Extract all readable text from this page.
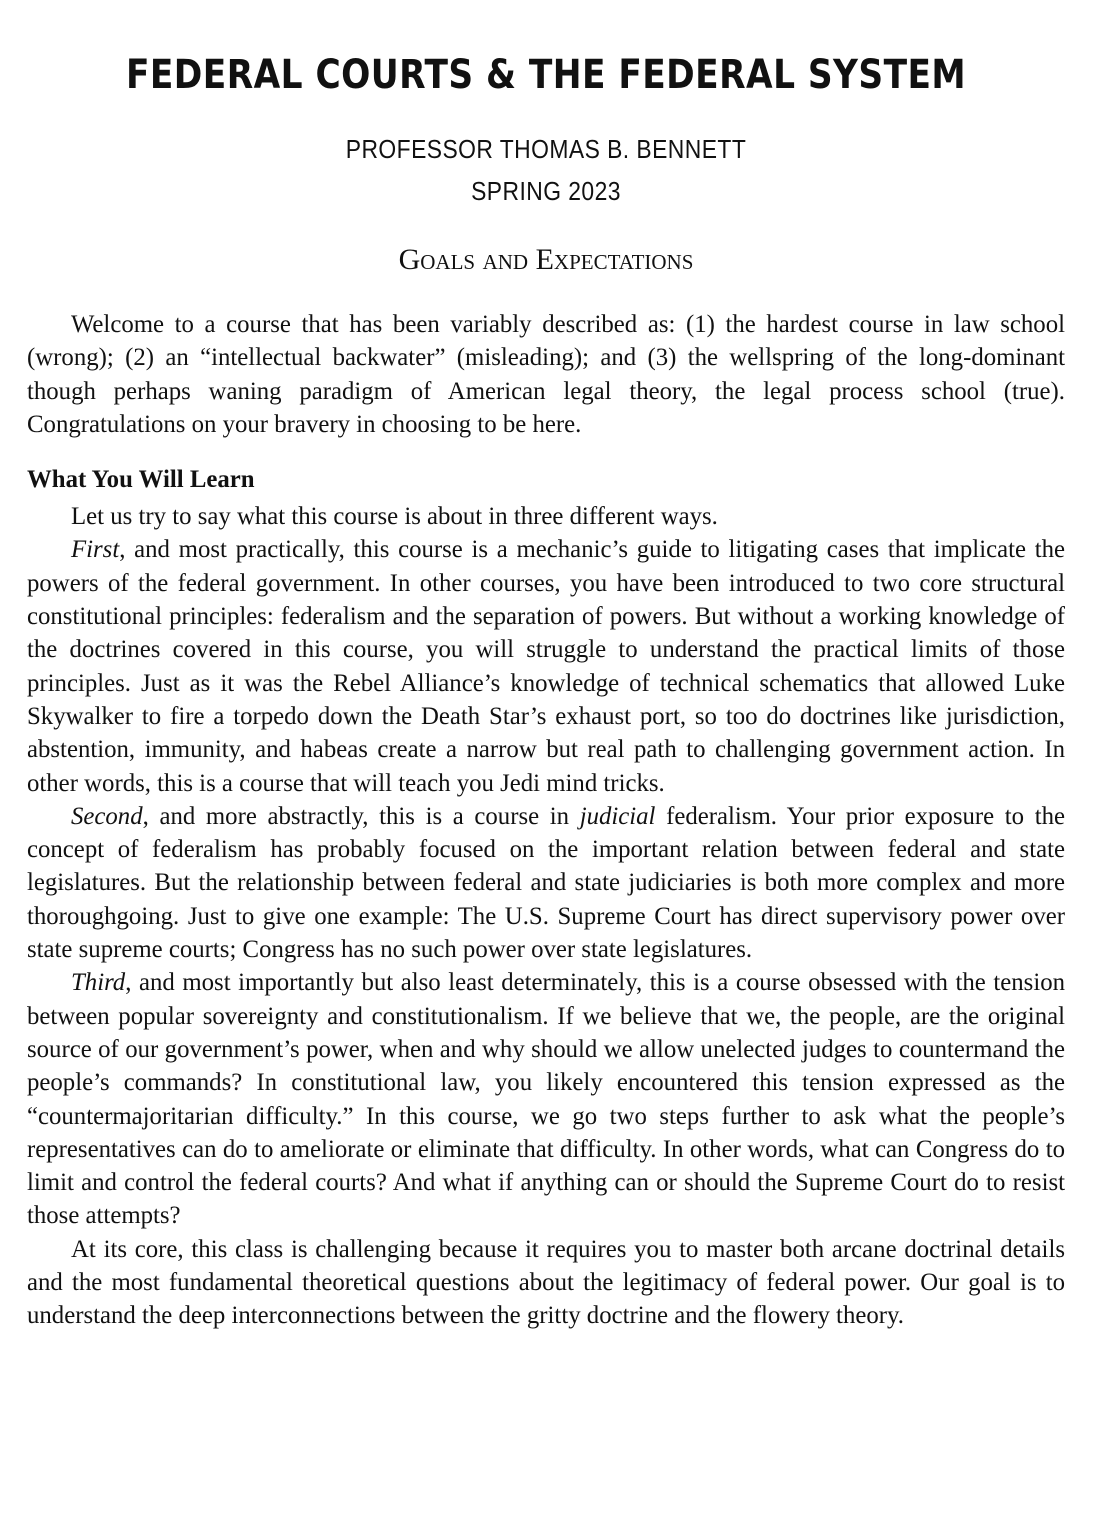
FEDERAL COURTS & THE FEDERAL SYSTEM
PROFESSOR THOMAS B. BENNETT
SPRING 2023
Goals and Expectations

Welcome to a course that has been variably described as: (1) the hardest course in law school (wrong); (2) an “intellectual backwater” (misleading); and (3) the wellspring of the long-dominant though perhaps waning paradigm of American legal theory, the legal process school (true). Congratulations on your bravery in choosing to be here.

What You Will Learn

Let us try to say what this course is about in three different ways.

First, and most practically, this course is a mechanic’s guide to litigating cases that implicate the powers of the federal government. In other courses, you have been introduced to two core structural constitutional principles: federalism and the separation of powers. But without a working knowledge of the doctrines covered in this course, you will struggle to understand the practical limits of those principles. Just as it was the Rebel Alliance’s knowledge of technical schematics that allowed Luke Skywalker to fire a torpedo down the Death Star’s exhaust port, so too do doctrines like jurisdiction, abstention, immunity, and habeas create a narrow but real path to challenging government action. In other words, this is a course that will teach you Jedi mind tricks.

Second, and more abstractly, this is a course in judicial federalism. Your prior exposure to the concept of federalism has probably focused on the important relation between federal and state legislatures. But the relationship between federal and state judiciaries is both more complex and more thoroughgoing. Just to give one example: The U.S. Supreme Court has direct supervisory power over state supreme courts; Congress has no such power over state legislatures.

Third, and most importantly but also least determinately, this is a course obsessed with the tension between popular sovereignty and constitutionalism. If we believe that we, the people, are the original source of our government’s power, when and why should we allow unelected judges to countermand the people’s commands? In constitutional law, you likely encountered this tension expressed as the “countermajoritarian difficulty.” In this course, we go two steps further to ask what the people’s representatives can do to ameliorate or eliminate that difficulty. In other words, what can Congress do to limit and control the federal courts? And what if anything can or should the Supreme Court do to resist those attempts?

At its core, this class is challenging because it requires you to master both arcane doctrinal details and the most fundamental theoretical questions about the legitimacy of federal power. Our goal is to understand the deep interconnections between the gritty doctrine and the flowery theory.
